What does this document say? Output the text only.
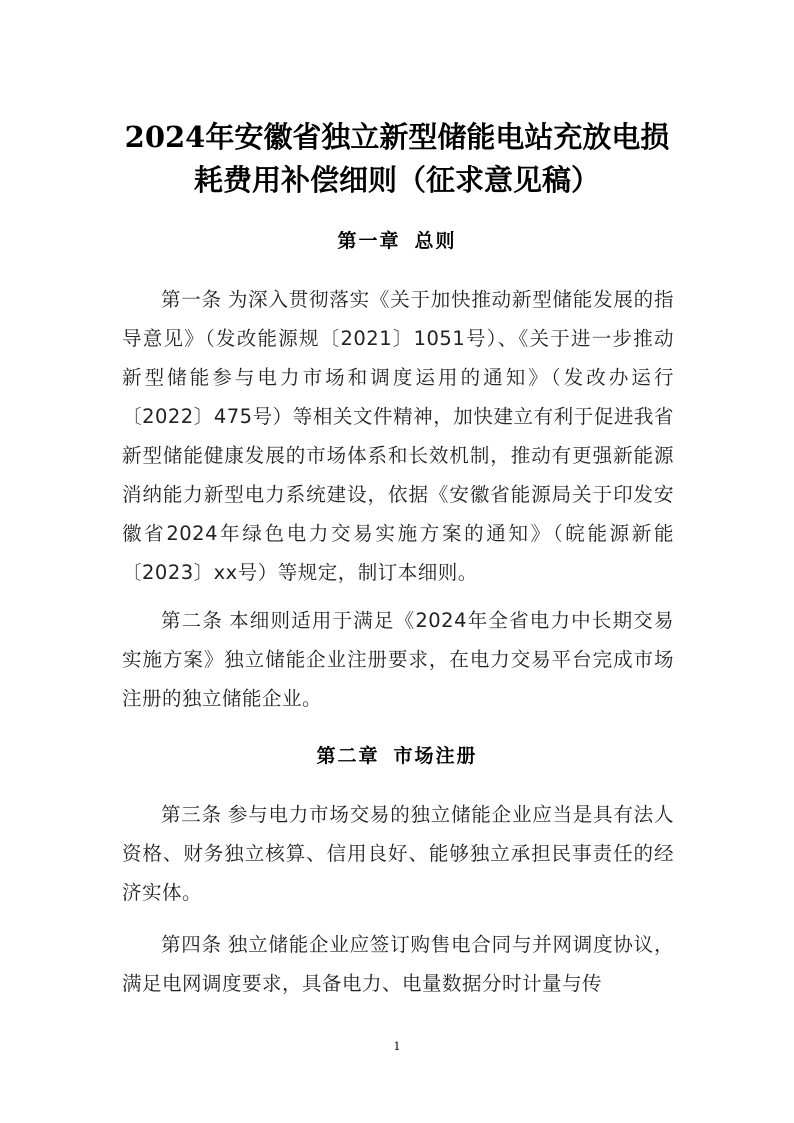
2024年安徽省独立新型储能电站充放电损
耗费用补偿细则（征求意见稿）
第一章 总则
第一条 为深入贯彻落实《关于加快推动新型储能发展的指导意见》（发改能源规〔2021〕1051号）、《关于进一步推动新型储能参与电力市场和调度运用的通知》（发改办运行〔2022〕475号）等相关文件精神，加快建立有利于促进我省新型储能健康发展的市场体系和长效机制，推动有更强新能源消纳能力新型电力系统建设，依据《安徽省能源局关于印发安徽省2024年绿色电力交易实施方案的通知》（皖能源新能〔2023〕xx号）等规定，制订本细则。
第二条 本细则适用于满足《2024年全省电力中长期交易实施方案》独立储能企业注册要求，在电力交易平台完成市场注册的独立储能企业。
第二章 市场注册
第三条 参与电力市场交易的独立储能企业应当是具有法人资格、财务独立核算、信用良好、能够独立承担民事责任的经济实体。
第四条 独立储能企业应签订购售电合同与并网调度协议，满足电网调度要求，具备电力、电量数据分时计量与传
1
